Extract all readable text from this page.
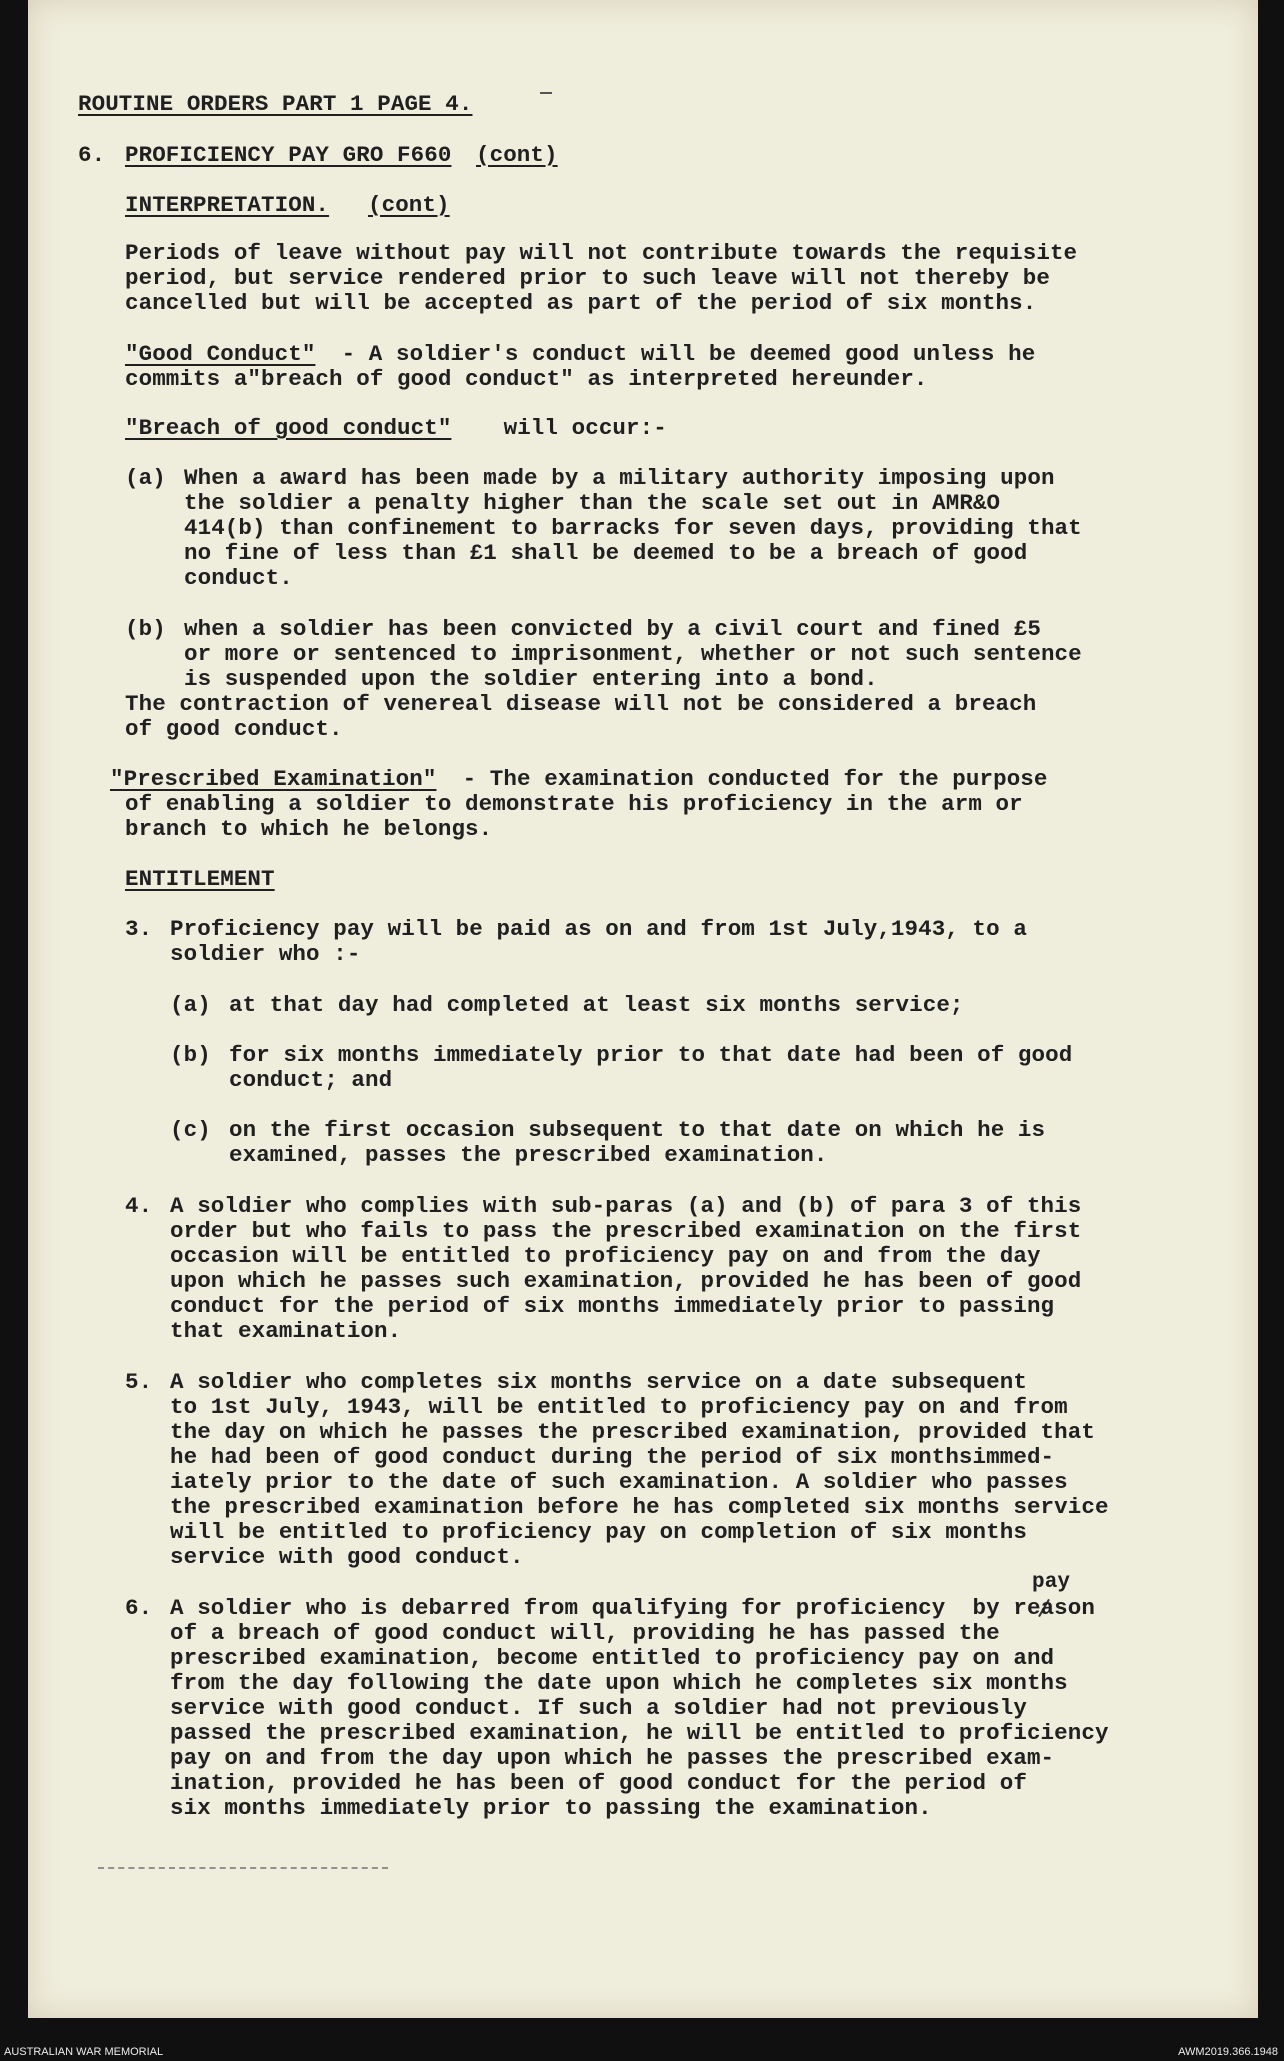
ROUTINE ORDERS PART 1 PAGE 4.
6. PROFICIENCY PAY GRO F660 (cont)
INTERPRETATION. (cont)
Periods of leave without pay will not contribute towards the requisite
period, but service rendered prior to such leave will not thereby be
cancelled but will be accepted as part of the period of six months.
"Good Conduct" - A soldier's conduct will be deemed good unless he
commits a"breach of good conduct" as interpreted hereunder.
"Breach of good conduct" will occur:-
(a) When a award has been made by a military authority imposing upon
the soldier a penalty higher than the scale set out in AMR&O
414(b) than confinement to barracks for seven days, providing that
no fine of less than £1 shall be deemed to be a breach of good
conduct.
(b) when a soldier has been convicted by a civil court and fined £5
or more or sentenced to imprisonment, whether or not such sentence
is suspended upon the soldier entering into a bond.
The contraction of venereal disease will not be considered a breach
of good conduct.
"Prescribed Examination" - The examination conducted for the purpose
of enabling a soldier to demonstrate his proficiency in the arm or
branch to which he belongs.
ENTITLEMENT
3. Proficiency pay will be paid as on and from 1st July,1943, to a
soldier who :-
(a) at that day had completed at least six months service;
(b) for six months immediately prior to that date had been of good
conduct; and
(c) on the first occasion subsequent to that date on which he is
examined, passes the prescribed examination.
4. A soldier who complies with sub-paras (a) and (b) of para 3 of this
order but who fails to pass the prescribed examination on the first
occasion will be entitled to proficiency pay on and from the day
upon which he passes such examination, provided he has been of good
conduct for the period of six months immediately prior to passing
that examination.
5. A soldier who completes six months service on a date subsequent
to 1st July, 1943, will be entitled to proficiency pay on and from
the day on which he passes the prescribed examination, provided that
he had been of good conduct during the period of six monthsimmed-
iately prior to the date of such examination. A soldier who passes
the prescribed examination before he has completed six months service
will be entitled to proficiency pay on completion of six months
service with good conduct.
pay
6. A soldier who is debarred from qualifying for proficiency  by reason
of a breach of good conduct will, providing he has passed the
prescribed examination, become entitled to proficiency pay on and
from the day following the date upon which he completes six months
service with good conduct. If such a soldier had not previously
passed the prescribed examination, he will be entitled to proficiency
pay on and from the day upon which he passes the prescribed exam-
ination, provided he has been of good conduct for the period of
six months immediately prior to passing the examination.
AUSTRALIAN WAR MEMORIAL	AWM2019.366.1948
